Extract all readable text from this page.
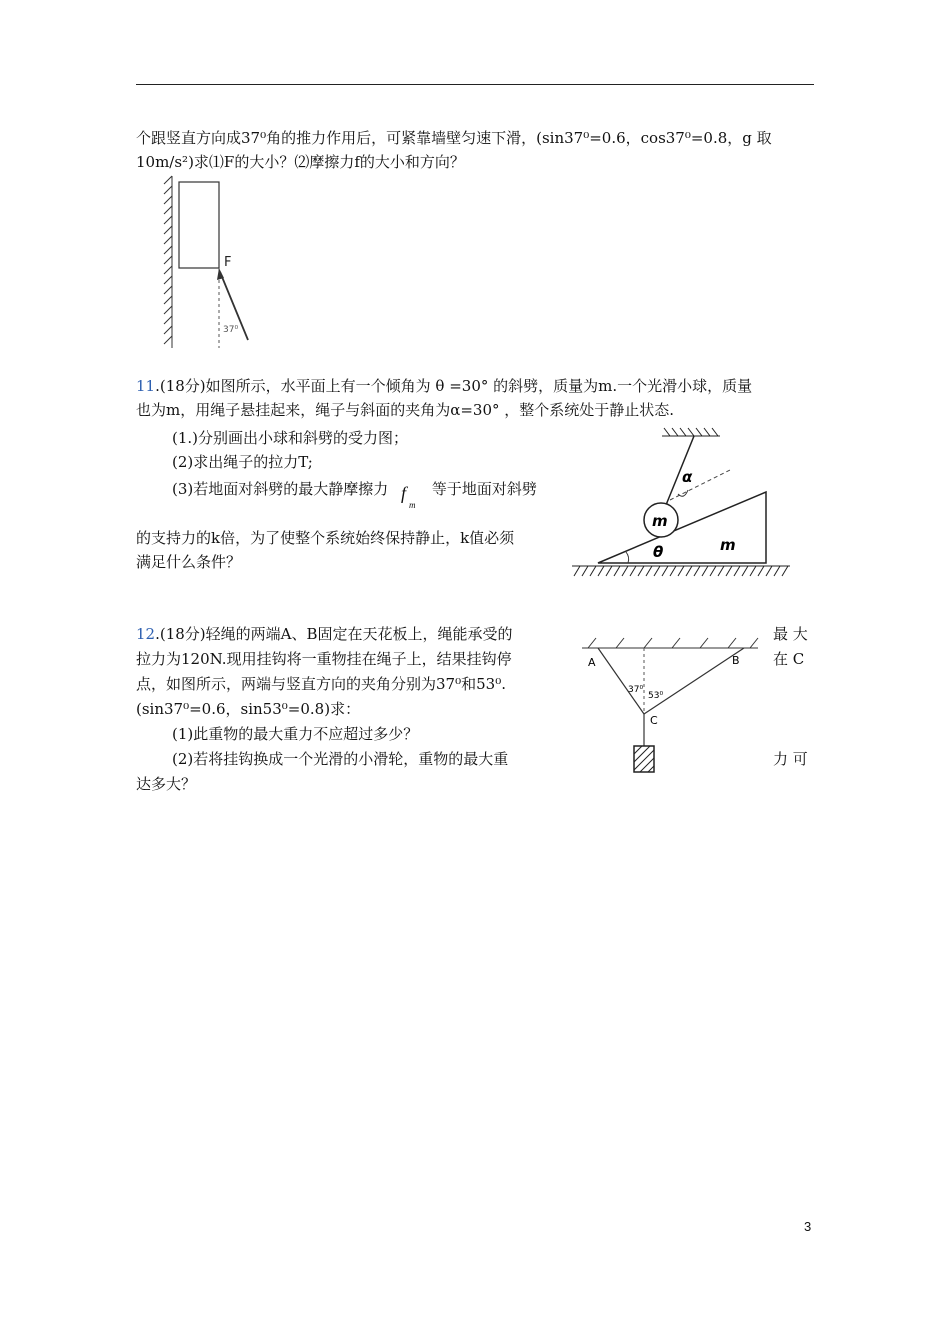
个跟竖直方向成37⁰角的推力作用后，可紧靠墙壁匀速下滑，(sin37⁰=0.6，cos37⁰=0.8，g 取
10m/s²)求⑴F的大小？⑵摩擦力f的大小和方向？
F
37⁰
11.(18分)如图所示，水平面上有一个倾角为 θ =30° 的斜劈，质量为m.一个光滑小球，质量
也为m，用绳子悬挂起来，绳子与斜面的夹角为α=30° ，整个系统处于静止状态.
(1.)分别画出小球和斜劈的受力图；
(2)求出绳子的拉力T;
(3)若地面对斜劈的最大静摩擦力 f
m
等于地面对斜劈
的支持力的k倍，为了使整个系统始终保持静止，k值必须
满足什么条件？
α
m
θ	m
12.(18分)轻绳的两端A、B固定在天花板上，绳能承受的	最 大
拉力为120N.现用挂钩将一重物挂在绳子上，结果挂钩停	在 C
点，如图所示，两端与竖直方向的夹角分别为37⁰和53⁰.
(sin37⁰=0.6，sin53⁰=0.8)求：
(1)此重物的最大重力不应超过多少？
(2)若将挂钩换成一个光滑的小滑轮，重物的最大重	力 可
达多大？
A	B
C
37⁰
53⁰
3
